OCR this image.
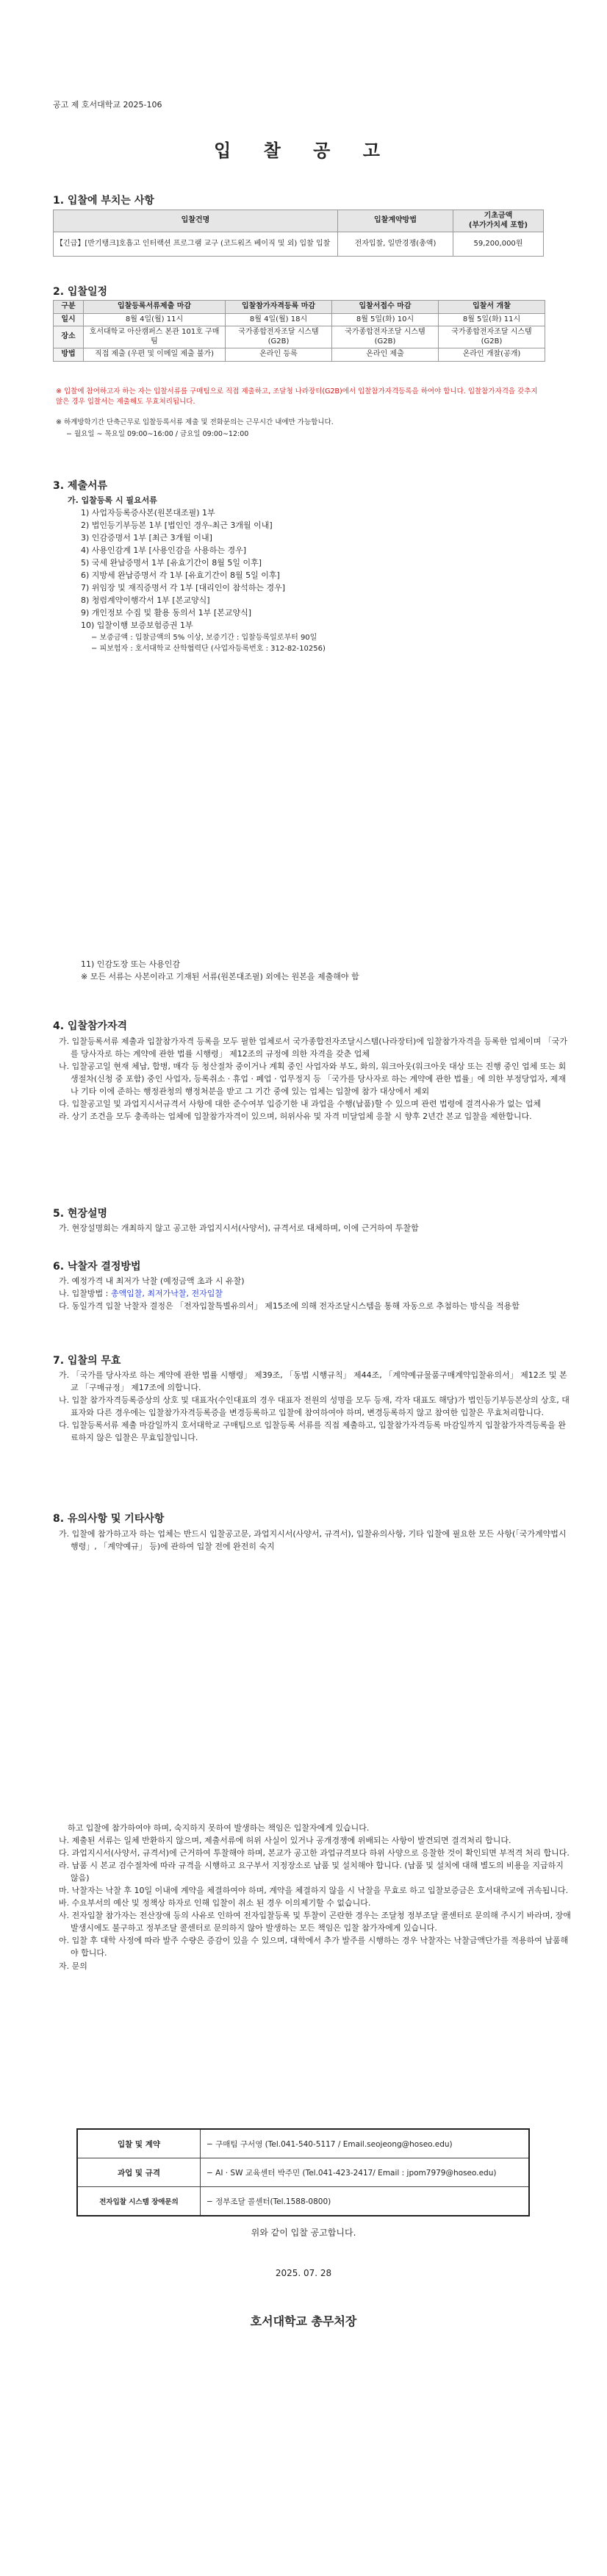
공고 제 호서대학교 2025-106
입 찰 공 고
1. 입찰에 부치는 사항
입찰건명	입찰계약방법	기초금액
(부가가치세 포함)
【긴급】[반기탱크]호흡고 인터랙션 프로그램 교구 (코드워즈 베이직 및 외) 입찰 입찰	전자입찰, 일반경쟁(총액)	59,200,000원
2. 입찰일정
구분	입찰등록서류제출 마감	입찰참가자격등록 마감	입찰서접수 마감	입찰서 개찰
일시	8월 4일(월) 11시	8월 4일(월) 18시	8월 5일(화) 10시	8월 5일(화) 11시
장소	호서대학교 아산캠퍼스 본관 101호 구매팀	국가종합전자조달 시스템(G2B)	국가종합전자조달 시스템(G2B)	국가종합전자조달 시스템(G2B)
방법	직접 제출 (우편 및 이메일 제출 불가)	온라인 등록	온라인 제출	온라인 개찰(공개)
※ 입찰에 참여하고자 하는 자는 입찰서류를 구매팀으로 직접 제출하고, 조달청 나라장터(G2B)에서 입찰참가자격등록을 하여야 합니다. 입찰참가자격을 갖추지 않은 경우 입찰서는 제출해도 무효처리됩니다.
※ 하계방학기간 단축근무로 입찰등록서류 제출 및 전화문의는 근무시간 내에만 가능합니다.
− 월요일 ∼ 목요일 09:00∼16:00 / 금요일 09:00∼12:00
3. 제출서류

가. 입찰등록 시 필요서류

1) 사업자등록증사본(원본대조필) 1부

2) 법인등기부등본 1부 [법인인 경우-최근 3개월 이내]

3) 인감증명서 1부 [최근 3개월 이내]

4) 사용인감계 1부 [사용인감을 사용하는 경우]

5) 국세 완납증명서 1부 [유효기간이 8월 5일 이후]

6) 지방세 완납증명서 각 1부 [유효기간이 8월 5일 이후]

7) 위임장 및 재직증명서 각 1부 [대리인이 참석하는 경우]

8) 청렴계약이행각서 1부 [본교양식]

9) 개인정보 수집 및 활용 동의서 1부 [본교양식]

10) 입찰이행 보증보험증권 1부

− 보증금액 : 입찰금액의 5% 이상, 보증기간 : 입찰등록일로부터 90일

− 피보험자 : 호서대학교 산학협력단 (사업자등록번호 : 312-82-10256)

11) 인감도장 또는 사용인감

※ 모든 서류는 사본이라고 기재된 서류(원본대조필) 외에는 원본을 제출해야 함

4. 입찰참가자격

가. 입찰등록서류 제출과 입찰참가자격 등록을 모두 필한 업체로서 국가종합전자조달시스템(나라장터)에 입찰참가자격을 등록한 업체이며 「국가를 당사자로 하는 계약에 관한 법률 시행령」 제12조의 규정에 의한 자격을 갖춘 업체

나. 입찰공고일 현재 체납, 합병, 매각 등 청산절차 중이거나 계획 중인 사업자와 부도, 화의, 워크아웃(워크아웃 대상 또는 진행 중인 업체 또는 회생절차(신청 중 포함) 중인 사업자, 등록취소 · 휴업 · 폐업 · 업무정지 등 「국가를 당사자로 하는 계약에 관한 법률」에 의한 부정당업자, 제재나 기타 이에 준하는 행정관청의 행정처분을 받고 그 기간 중에 있는 업체는 입찰에 참가 대상에서 제외

다. 입찰공고일 및 과업지시서규격서 사항에 대한 준수여부 입증기한 내 과업을 수행(납품)할 수 있으며 관련 법령에 결격사유가 없는 업체

라. 상기 조건을 모두 충족하는 업체에 입찰참가자격이 있으며, 허위사유 및 자격 미달업체 응찰 시 향후 2년간 본교 입찰을 제한합니다.

5. 현장설명

가. 현장설명회는 개최하지 않고 공고한 과업지시서(사양서), 규격서로 대체하며, 이에 근거하여 투찰함

6. 낙찰자 결정방법

가. 예정가격 내 최저가 낙찰 (예정금액 초과 시 유찰)

나. 입찰방법 : 총액입찰, 최저가낙찰, 전자입찰

다. 동일가격 입찰 낙찰자 결정은 「전자입찰특별유의서」 제15조에 의해 전자조달시스템을 통해 자동으로 추첨하는 방식을 적용함

7. 입찰의 무효

가. 「국가를 당사자로 하는 계약에 관한 법률 시행령」 제39조, 「동법 시행규칙」 제44조, 「계약예규물품구매계약입찰유의서」 제12조 및 본교 「구매규정」 제17조에 의합니다.

나. 입찰 참가자격등록증상의 상호 및 대표자(수인대표의 경우 대표자 전원의 성명을 모두 등재, 각자 대표도 해당)가 법인등기부등본상의 상호, 대표자와 다른 경우에는 입찰참가자격등록증을 변경등록하고 입찰에 참여하여야 하며, 변경등록하지 않고 참여한 입찰은 무효처리합니다.

다. 입찰등록서류 제출 마감일까지 호서대학교 구매팀으로 입찰등록 서류를 직접 제출하고, 입찰참가자격등록 마감일까지 입찰참가자격등록을 완료하지 않은 입찰은 무효입찰입니다.

8. 유의사항 및 기타사항

가. 입찰에 참가하고자 하는 업체는 반드시 입찰공고문, 과업지시서(사양서, 규격서), 입찰유의사항, 기타 입찰에 필요한 모든 사항(「국가계약법시행령」, 「계약예규」 등)에 관하여 입찰 전에 완전히 숙지

하고 입찰에 참가하여야 하며, 숙지하지 못하여 발생하는 책임은 입찰자에게 있습니다.

나. 제출된 서류는 일체 반환하지 않으며, 제출서류에 허위 사실이 있거나 공개경쟁에 위배되는 사항이 발견되면 결격처리 합니다.

다. 과업지시서(사양서, 규격서)에 근거하여 투찰해야 하며, 본교가 공고한 과업규격보다 하위 사양으로 응찰한 것이 확인되면 부적격 처리 합니다.

라. 납품 시 본교 검수절차에 따라 규격을 시행하고 요구부서 지정장소로 납품 및 설치해야 합니다. (납품 및 설치에 대해 별도의 비용을 지급하지 않음)

마. 낙찰자는 낙찰 후 10일 이내에 계약을 체결하여야 하며, 계약을 체결하지 않을 시 낙찰을 무효로 하고 입찰보증금은 호서대학교에 귀속됩니다.

바. 수요부서의 예산 및 정책상 하자로 인해 입찰이 취소 된 경우 이의제기할 수 없습니다.

사. 전자입찰 참가자는 전산장애 등의 사유로 인하여 전자입찰등록 및 투찰이 곤란한 경우는 조달청 정부조달 콜센터로 문의해 주시기 바라며, 장애발생시에도 불구하고 정부조달 콜센터로 문의하지 않아 발생하는 모든 책임은 입찰 참가자에게 있습니다.

아. 입찰 후 대학 사정에 따라 발주 수량은 증감이 있을 수 있으며, 대학에서 추가 발주를 시행하는 경우 낙찰자는 낙찰금액단가를 적용하여 납품해야 합니다.

자. 문의

입찰 및 계약	− 구매팀 구서영 (Tel.041-540-5117 / Email.seojeong@hoseo.edu)
과업 및 규격	− AI · SW 교육센터 박주민 (Tel.041-423-2417/ Email : jpom7979@hoseo.edu)
전자입찰 시스템 장애문의	− 정부조달 콜센터(Tel.1588-0800)
위와 같이 입찰 공고합니다.
2025. 07. 28
호서대학교 총무처장
